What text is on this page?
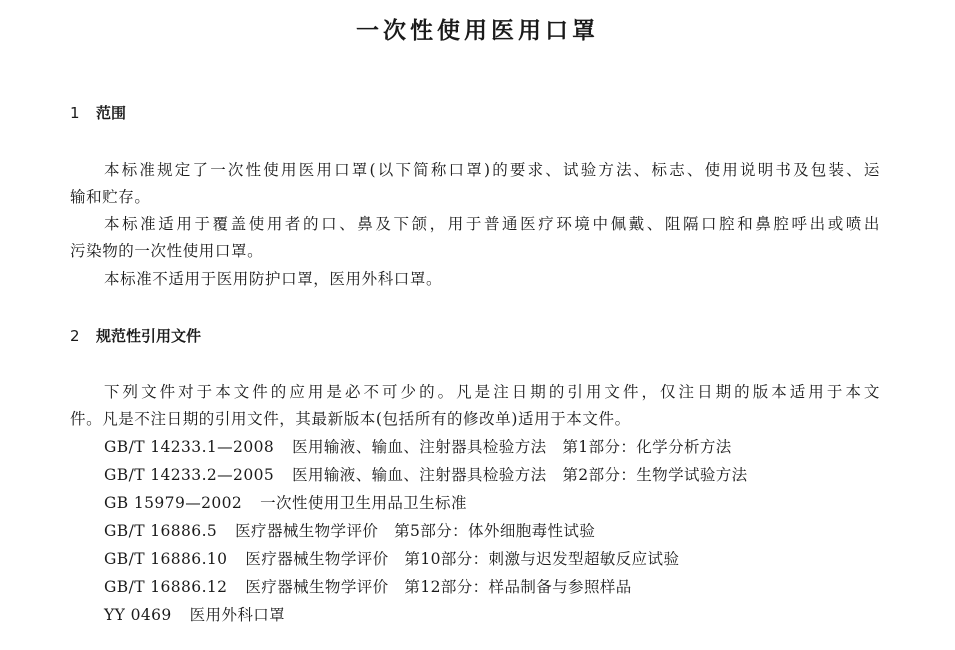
一次性使用医用口罩
1 范围
本标准规定了一次性使用医用口罩(以下简称口罩)的要求、试验方法、标志、使用说明书及包装、运
输和贮存。
本标准适用于覆盖使用者的口、鼻及下颌，用于普通医疗环境中佩戴、阻隔口腔和鼻腔呼出或喷出
污染物的一次性使用口罩。
本标准不适用于医用防护口罩，医用外科口罩。
2 规范性引用文件
下列文件对于本文件的应用是必不可少的。凡是注日期的引用文件，仅注日期的版本适用于本文
件。凡是不注日期的引用文件，其最新版本(包括所有的修改单)适用于本文件。
GB/T 14233.1—2008 医用输液、输血、注射器具检验方法　第1部分：化学分析方法
GB/T 14233.2—2005 医用输液、输血、注射器具检验方法　第2部分：生物学试验方法
GB 15979—2002 一次性使用卫生用品卫生标准
GB/T 16886.5 医疗器械生物学评价　第5部分：体外细胞毒性试验
GB/T 16886.10 医疗器械生物学评价　第10部分：刺激与迟发型超敏反应试验
GB/T 16886.12 医疗器械生物学评价　第12部分：样品制备与参照样品
YY 0469 医用外科口罩
